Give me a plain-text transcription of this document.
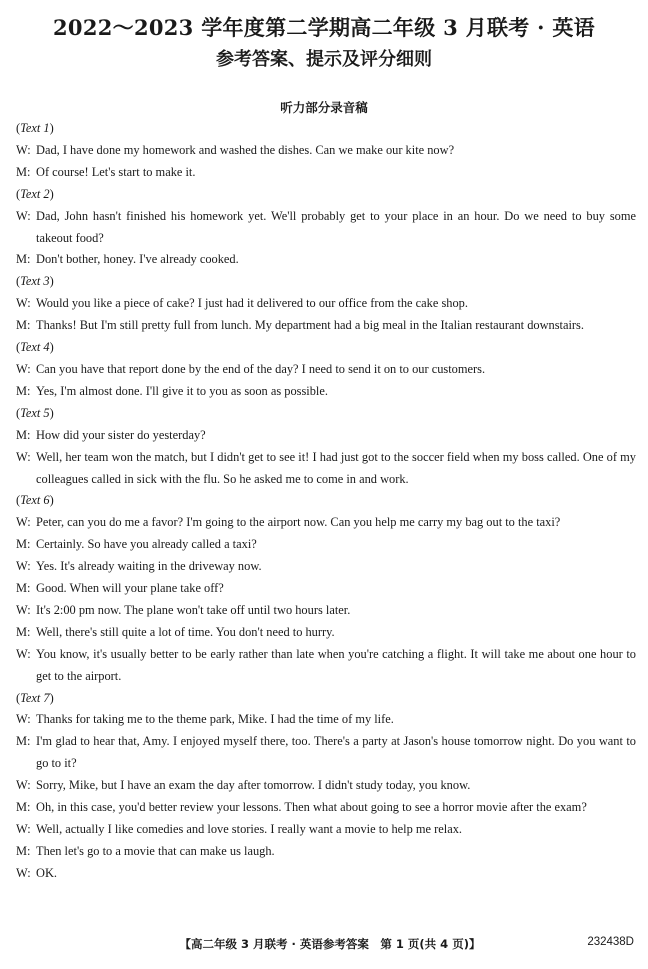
2022～2023 学年度第二学期高二年级 3 月联考 · 英语
参考答案、提示及评分细则
听力部分录音稿
( Text 1 )
W: Dad, I have done my homework and washed the dishes. Can we make our kite now?
M: Of course! Let's start to make it.
( Text 2 )
W: Dad, John hasn't finished his homework yet. We'll probably get to your place in an hour. Do we need to buy some takeout food?
M: Don't bother, honey. I've already cooked.
( Text 3 )
W: Would you like a piece of cake? I just had it delivered to our office from the cake shop.
M: Thanks! But I'm still pretty full from lunch. My department had a big meal in the Italian restaurant downstairs.
( Text 4 )
W: Can you have that report done by the end of the day? I need to send it on to our customers.
M: Yes, I'm almost done. I'll give it to you as soon as possible.
( Text 5 )
M: How did your sister do yesterday?
W: Well, her team won the match, but I didn't get to see it! I had just got to the soccer field when my boss called. One of my colleagues called in sick with the flu. So he asked me to come in and work.
( Text 6 )
W: Peter, can you do me a favor? I'm going to the airport now. Can you help me carry my bag out to the taxi?
M: Certainly. So have you already called a taxi?
W: Yes. It's already waiting in the driveway now.
M: Good. When will your plane take off?
W: It's 2:00 pm now. The plane won't take off until two hours later.
M: Well, there's still quite a lot of time. You don't need to hurry.
W: You know, it's usually better to be early rather than late when you're catching a flight. It will take me about one hour to get to the airport.
( Text 7 )
W: Thanks for taking me to the theme park, Mike. I had the time of my life.
M: I'm glad to hear that, Amy. I enjoyed myself there, too. There's a party at Jason's house tomorrow night. Do you want to go to it?
W: Sorry, Mike, but I have an exam the day after tomorrow. I didn't study today, you know.
M: Oh, in this case, you'd better review your lessons. Then what about going to see a horror movie after the exam?
W: Well, actually I like comedies and love stories. I really want a movie to help me relax.
M: Then let's go to a movie that can make us laugh.
W: OK.
【高二年级 3 月联考 · 英语参考答案　第 1 页(共 4 页)】	232438D
